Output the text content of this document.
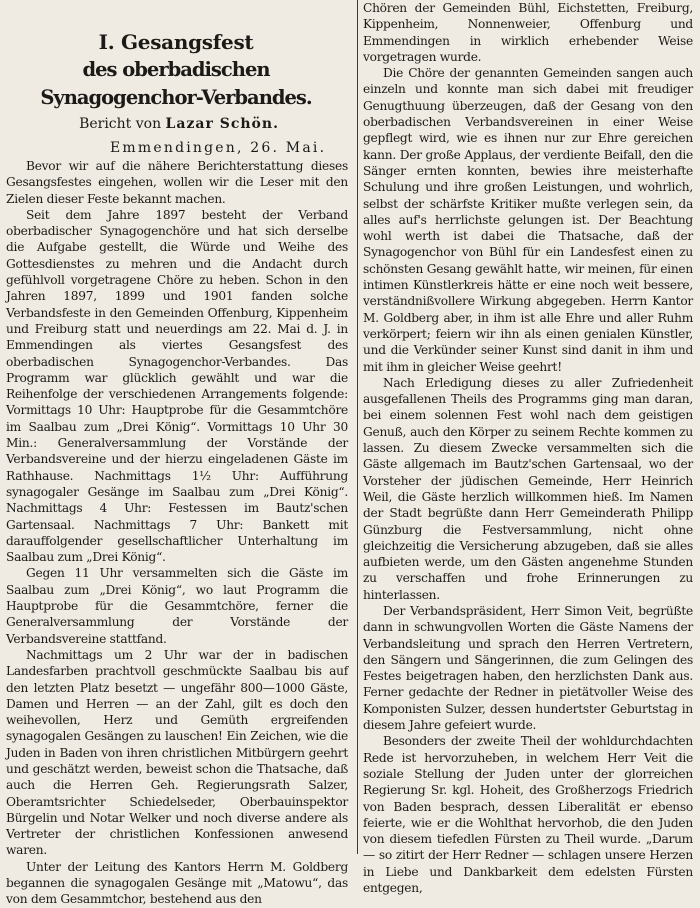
I. Gesangsfest
des oberbadischen Synagogenchor-Verbandes.

Bericht von Lazar Schön.

Emmendingen, 26. Mai.

Bevor wir auf die nähere Berichterstattung dieses Gesangsfestes eingehen, wollen wir die Leser mit den Zielen dieser Feste bekannt machen.

Seit dem Jahre 1897 besteht der Verband oberbadischer Synagogenchöre und hat sich derselbe die Aufgabe gestellt, die Würde und Weihe des Gottesdienstes zu mehren und die Andacht durch gefühlvoll vorgetragene Chöre zu heben. Schon in den Jahren 1897, 1899 und 1901 fanden solche Verbandsfeste in den Gemeinden Offenburg, Kippenheim und Freiburg statt und neuerdings am 22. Mai d. J. in Emmendingen als viertes Gesangsfest des oberbadischen Synagogenchor-Verbandes. Das Programm war glücklich gewählt und war die Reihenfolge der verschiedenen Arrangements folgende: Vormittags 10 Uhr: Hauptprobe für die Gesammtchöre im Saalbau zum „Drei König“. Vormittags 10 Uhr 30 Min.: Generalversammlung der Vorstände der Verbandsvereine und der hierzu eingeladenen Gäste im Rathhause. Nachmittags 1½ Uhr: Aufführung synagogaler Gesänge im Saalbau zum „Drei König“. Nachmittags 4 Uhr: Festessen im Bautz'schen Gartensaal. Nachmittags 7 Uhr: Bankett mit darauffolgender gesellschaftlicher Unterhaltung im Saalbau zum „Drei König“.

Gegen 11 Uhr versammelten sich die Gäste im Saalbau zum „Drei König“, wo laut Programm die Hauptprobe für die Gesammtchöre, ferner die Generalversammlung der Vorstände der Verbandsvereine stattfand.

Nachmittags um 2 Uhr war der in badischen Landesfarben prachtvoll geschmückte Saalbau bis auf den letzten Platz besetzt — ungefähr 800—1000 Gäste, Damen und Herren — an der Zahl, gilt es doch den weihevollen, Herz und Gemüth ergreifenden synagogalen Gesängen zu lauschen! Ein Zeichen, wie die Juden in Baden von ihren christlichen Mitbürgern geehrt und geschätzt werden, beweist schon die Thatsache, daß auch die Herren Geh. Regierungsrath Salzer, Oberamtsrichter Schiedelseder, Oberbauinspektor Bürgelin und Notar Welker und noch diverse andere als Vertreter der christlichen Konfessionen anwesend waren.

Unter der Leitung des Kantors Herrn M. Goldberg begannen die synagogalen Gesänge mit „Matowu“, das von dem Gesammtchor, bestehend aus den

Chören der Gemeinden Bühl, Eichstetten, Freiburg, Kippenheim, Nonnenweier, Offenburg und Emmendingen in wirklich erhebender Weise vorgetragen wurde.

Die Chöre der genannten Gemeinden sangen auch einzeln und konnte man sich dabei mit freudiger Genugthuung überzeugen, daß der Gesang von den oberbadischen Verbandsvereinen in einer Weise gepflegt wird, wie es ihnen nur zur Ehre gereichen kann. Der große Applaus, der verdiente Beifall, den die Sänger ernten konnten, bewies ihre meisterhafte Schulung und ihre großen Leistungen, und wohrlich, selbst der schärfste Kritiker mußte verlegen sein, da alles auf's herrlichste gelungen ist. Der Beachtung wohl werth ist dabei die Thatsache, daß der Synagogenchor von Bühl für ein Landesfest einen zu schönsten Gesang gewählt hatte, wir meinen, für einen intimen Künstlerkreis hätte er eine noch weit bessere, verständnißvollere Wirkung abgegeben. Herrn Kantor M. Goldberg aber, in ihm ist alle Ehre und aller Ruhm verkörpert; feiern wir ihn als einen genialen Künstler, und die Verkünder seiner Kunst sind danit in ihm und mit ihm in gleicher Weise geehrt!

Nach Erledigung dieses zu aller Zufriedenheit ausgefallenen Theils des Programms ging man daran, bei einem solennen Fest wohl nach dem geistigen Genuß, auch den Körper zu seinem Rechte kommen zu lassen. Zu diesem Zwecke versammelten sich die Gäste allgemach im Bautz'schen Gartensaal, wo der Vorsteher der jüdischen Gemeinde, Herr Heinrich Weil, die Gäste herzlich willkommen hieß. Im Namen der Stadt begrüßte dann Herr Gemeinderath Philipp Günzburg die Festversammlung, nicht ohne gleichzeitig die Versicherung abzugeben, daß sie alles aufbieten werde, um den Gästen angenehme Stunden zu verschaffen und frohe Erinnerungen zu hinterlassen.

Der Verbandspräsident, Herr Simon Veit, begrüßte dann in schwungvollen Worten die Gäste Namens der Verbandsleitung und sprach den Herren Vertretern, den Sängern und Sängerinnen, die zum Gelingen des Festes beigetragen haben, den herzlichsten Dank aus. Ferner gedachte der Redner in pietätvoller Weise des Komponisten Sulzer, dessen hundertster Geburtstag in diesem Jahre gefeiert wurde.

Besonders der zweite Theil der wohldurchdachten Rede ist hervorzuheben, in welchem Herr Veit die soziale Stellung der Juden unter der glorreichen Regierung Sr. kgl. Hoheit, des Großherzogs Friedrich von Baden besprach, dessen Liberalität er ebenso feierte, wie er die Wohlthat hervorhob, die den Juden von diesem tiefedlen Fürsten zu Theil wurde. „Darum — so zitirt der Herr Redner — schlagen unsere Herzen in Liebe und Dankbarkeit dem edelsten Fürsten entgegen,
